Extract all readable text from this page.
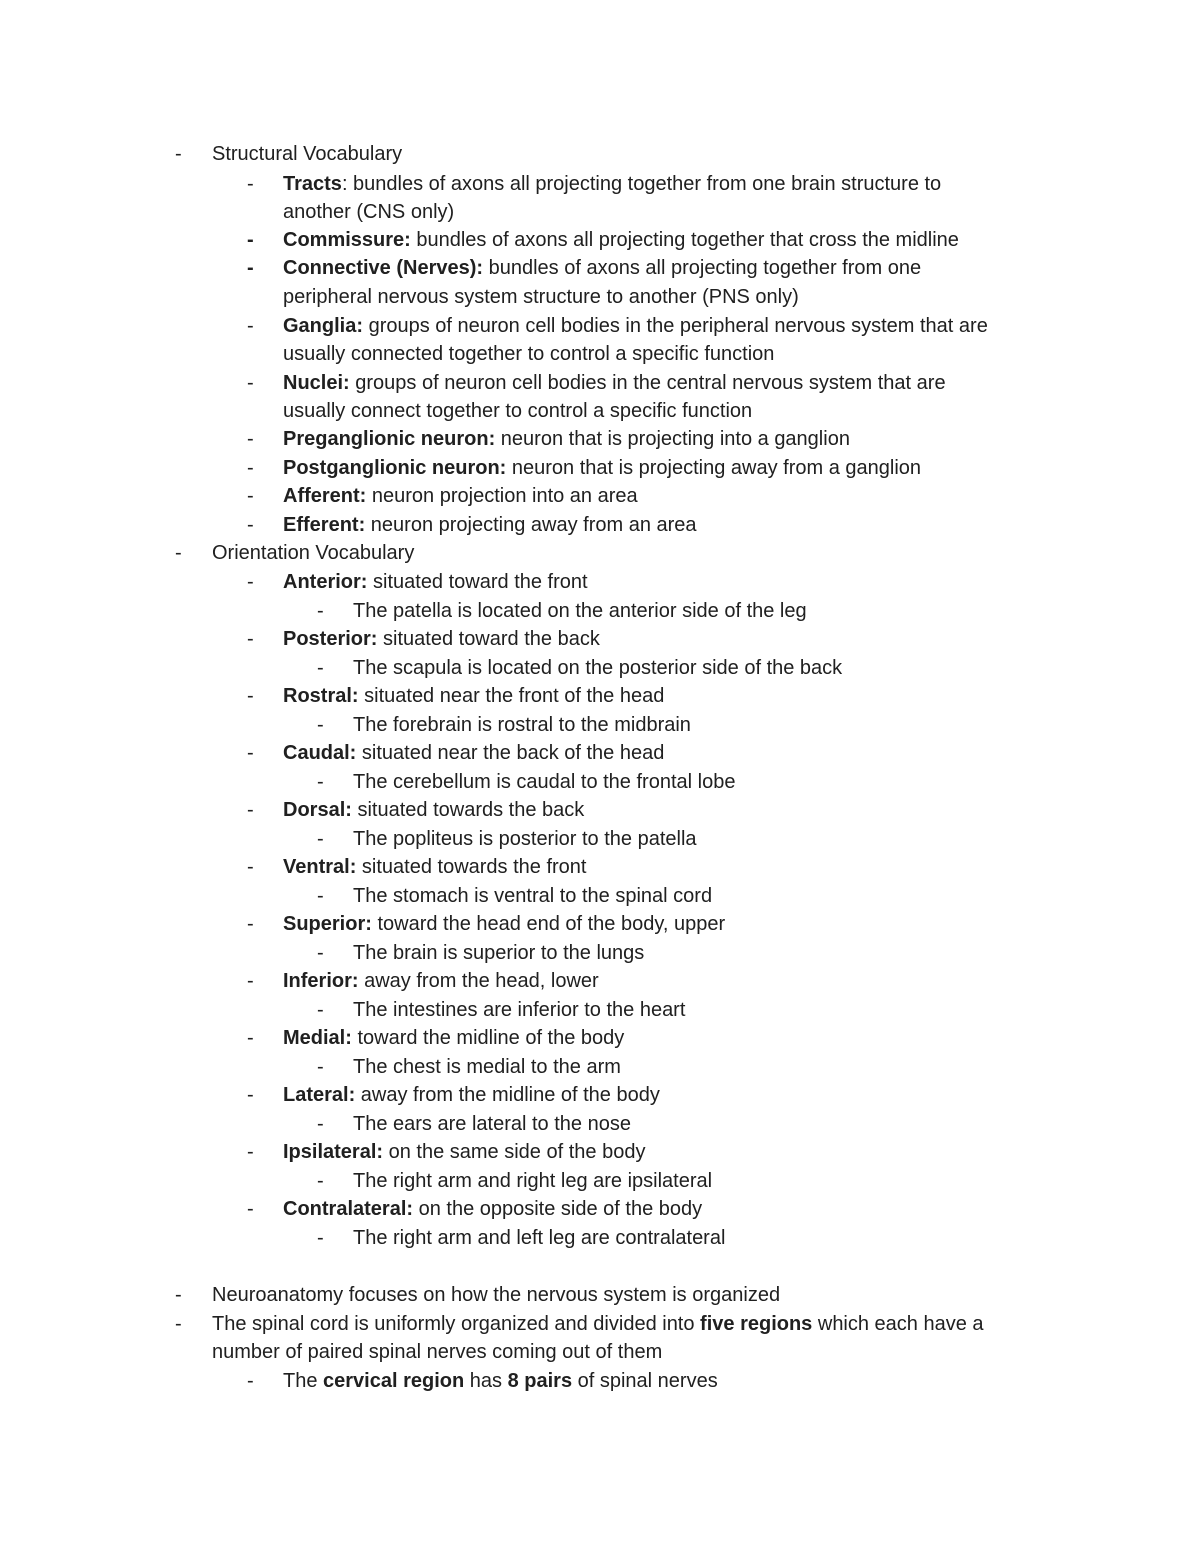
- Structural Vocabulary
- Tracts: bundles of axons all projecting together from one brain structure to
another (CNS only)
- Commissure: bundles of axons all projecting together that cross the midline
- Connective (Nerves): bundles of axons all projecting together from one
peripheral nervous system structure to another (PNS only)
- Ganglia: groups of neuron cell bodies in the peripheral nervous system that are
usually connected together to control a specific function
- Nuclei: groups of neuron cell bodies in the central nervous system that are
usually connect together to control a specific function
- Preganglionic neuron: neuron that is projecting into a ganglion
- Postganglionic neuron: neuron that is projecting away from a ganglion
- Afferent: neuron projection into an area
- Efferent: neuron projecting away from an area
- Orientation Vocabulary
- Anterior: situated toward the front
- The patella is located on the anterior side of the leg
- Posterior: situated toward the back
- The scapula is located on the posterior side of the back
- Rostral: situated near the front of the head
- The forebrain is rostral to the midbrain
- Caudal: situated near the back of the head
- The cerebellum is caudal to the frontal lobe
- Dorsal: situated towards the back
- The popliteus is posterior to the patella
- Ventral: situated towards the front
- The stomach is ventral to the spinal cord
- Superior: toward the head end of the body, upper
- The brain is superior to the lungs
- Inferior: away from the head, lower
- The intestines are inferior to the heart
- Medial: toward the midline of the body
- The chest is medial to the arm
- Lateral: away from the midline of the body
- The ears are lateral to the nose
- Ipsilateral: on the same side of the body
- The right arm and right leg are ipsilateral
- Contralateral: on the opposite side of the body
- The right arm and left leg are contralateral
- Neuroanatomy focuses on how the nervous system is organized
- The spinal cord is uniformly organized and divided into five regions which each have a
number of paired spinal nerves coming out of them
- The cervical region has 8 pairs of spinal nerves
